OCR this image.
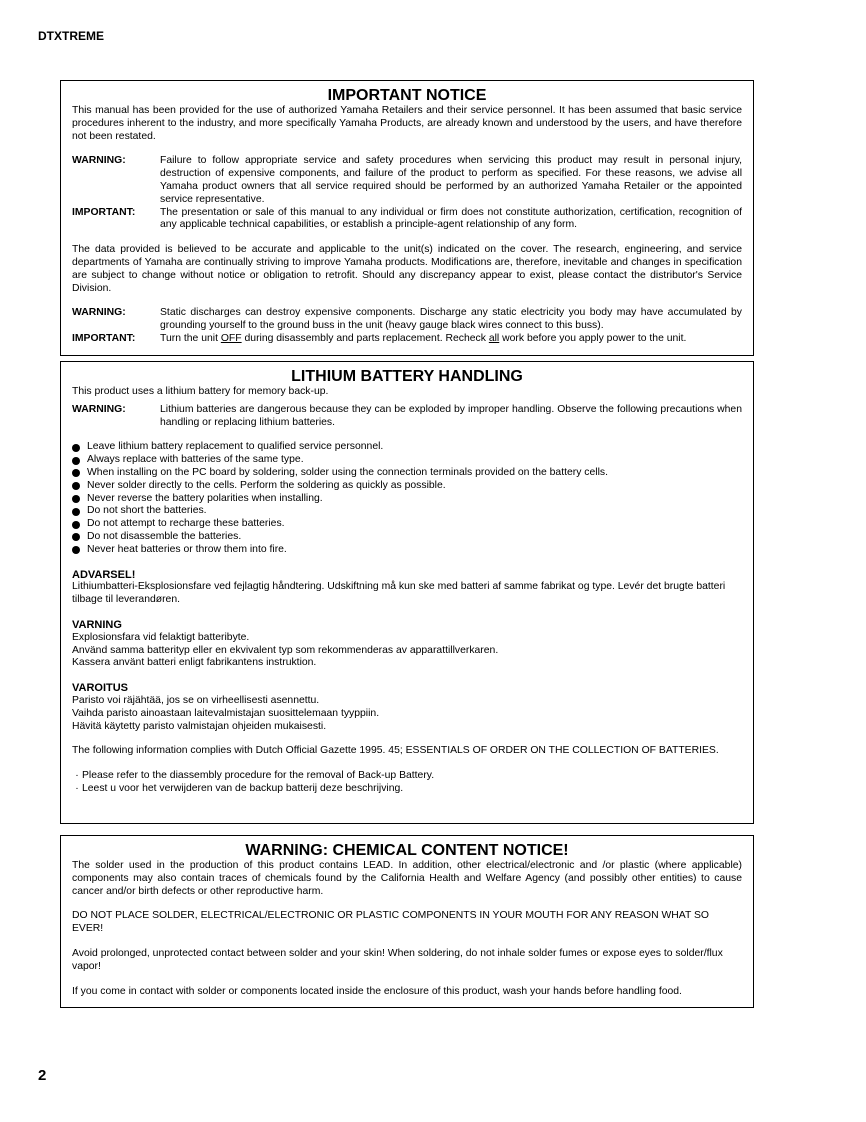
DTXTREME
IMPORTANT NOTICE

This manual has been provided for the use of authorized Yamaha Retailers and their service personnel. It has been assumed that basic service procedures inherent to the industry, and more specifically Yamaha Products, are already known and understood by the users, and have therefore not been restated.

WARNING:	Failure to follow appropriate service and safety procedures when servicing this product may result in personal injury, destruction of expensive components, and failure of the product to perform as specified. For these reasons, we advise all Yamaha product owners that all service required should be performed by an authorized Yamaha Retailer or the appointed service representative.
IMPORTANT:	The presentation or sale of this manual to any individual or firm does not constitute authorization, certification, recognition of any applicable technical capabilities, or establish a principle-agent relationship of any form.

The data provided is believed to be accurate and applicable to the unit(s) indicated on the cover. The research, engineering, and service departments of Yamaha are continually striving to improve Yamaha products. Modifications are, therefore, inevitable and changes in specification are subject to change without notice or obligation to retrofit. Should any discrepancy appear to exist, please contact the distributor's Service Division.

WARNING:	Static discharges can destroy expensive components. Discharge any static electricity you body may have accumulated by grounding yourself to the ground buss in the unit (heavy gauge black wires connect to this buss).
IMPORTANT:	Turn the unit OFF during disassembly and parts replacement. Recheck all work before you apply power to the unit.
LITHIUM BATTERY HANDLING

This product uses a lithium battery for memory back-up.

WARNING:	Lithium batteries are dangerous because they can be exploded by improper handling. Observe the following precautions when handling or replacing lithium batteries.
Leave lithium battery replacement to qualified service personnel.
Always replace with batteries of the same type.
When installing on the PC board by soldering, solder using the connection terminals provided on the battery cells.
Never solder directly to the cells. Perform the soldering as quickly as possible.
Never reverse the battery polarities when installing.
Do not short the batteries.
Do not attempt to recharge these batteries.
Do not disassemble the batteries.
Never heat batteries or throw them into fire.
ADVARSEL!

Lithiumbatteri-Eksplosionsfare ved fejlagtig håndtering. Udskiftning må kun ske med batteri af samme fabrikat og type. Levér det brugte batteri tilbage til leverandøren.

VARNING

Explosionsfara vid felaktigt batteribyte.

Använd samma batterityp eller en ekvivalent typ som rekommenderas av apparattillverkaren.

Kassera använt batteri enligt fabrikantens instruktion.

VAROITUS

Paristo voi räjähtää, jos se on virheellisesti asennettu.

Vaihda paristo ainoastaan laitevalmistajan suosittelemaan tyyppiin.

Hävitä käytetty paristo valmistajan ohjeiden mukaisesti.

The following information complies with Dutch Official Gazette 1995. 45; ESSENTIALS OF ORDER ON THE COLLECTION OF BATTERIES.

· Please refer to the diassembly procedure for the removal of Back-up Battery.

· Leest u voor het verwijderen van de backup batterij deze beschrijving.

WARNING: CHEMICAL CONTENT NOTICE!

The solder used in the production of this product contains LEAD. In addition, other electrical/electronic and /or plastic (where applicable) components may also contain traces of chemicals found by the California Health and Welfare Agency (and possibly other entities) to cause cancer and/or birth defects or other reproductive harm.

DO NOT PLACE SOLDER, ELECTRICAL/ELECTRONIC OR PLASTIC COMPONENTS IN YOUR MOUTH FOR ANY REASON WHAT SO EVER!

Avoid prolonged, unprotected contact between solder and your skin! When soldering, do not inhale solder fumes or expose eyes to solder/flux vapor!

If you come in contact with solder or components located inside the enclosure of this product, wash your hands before handling food.

2
